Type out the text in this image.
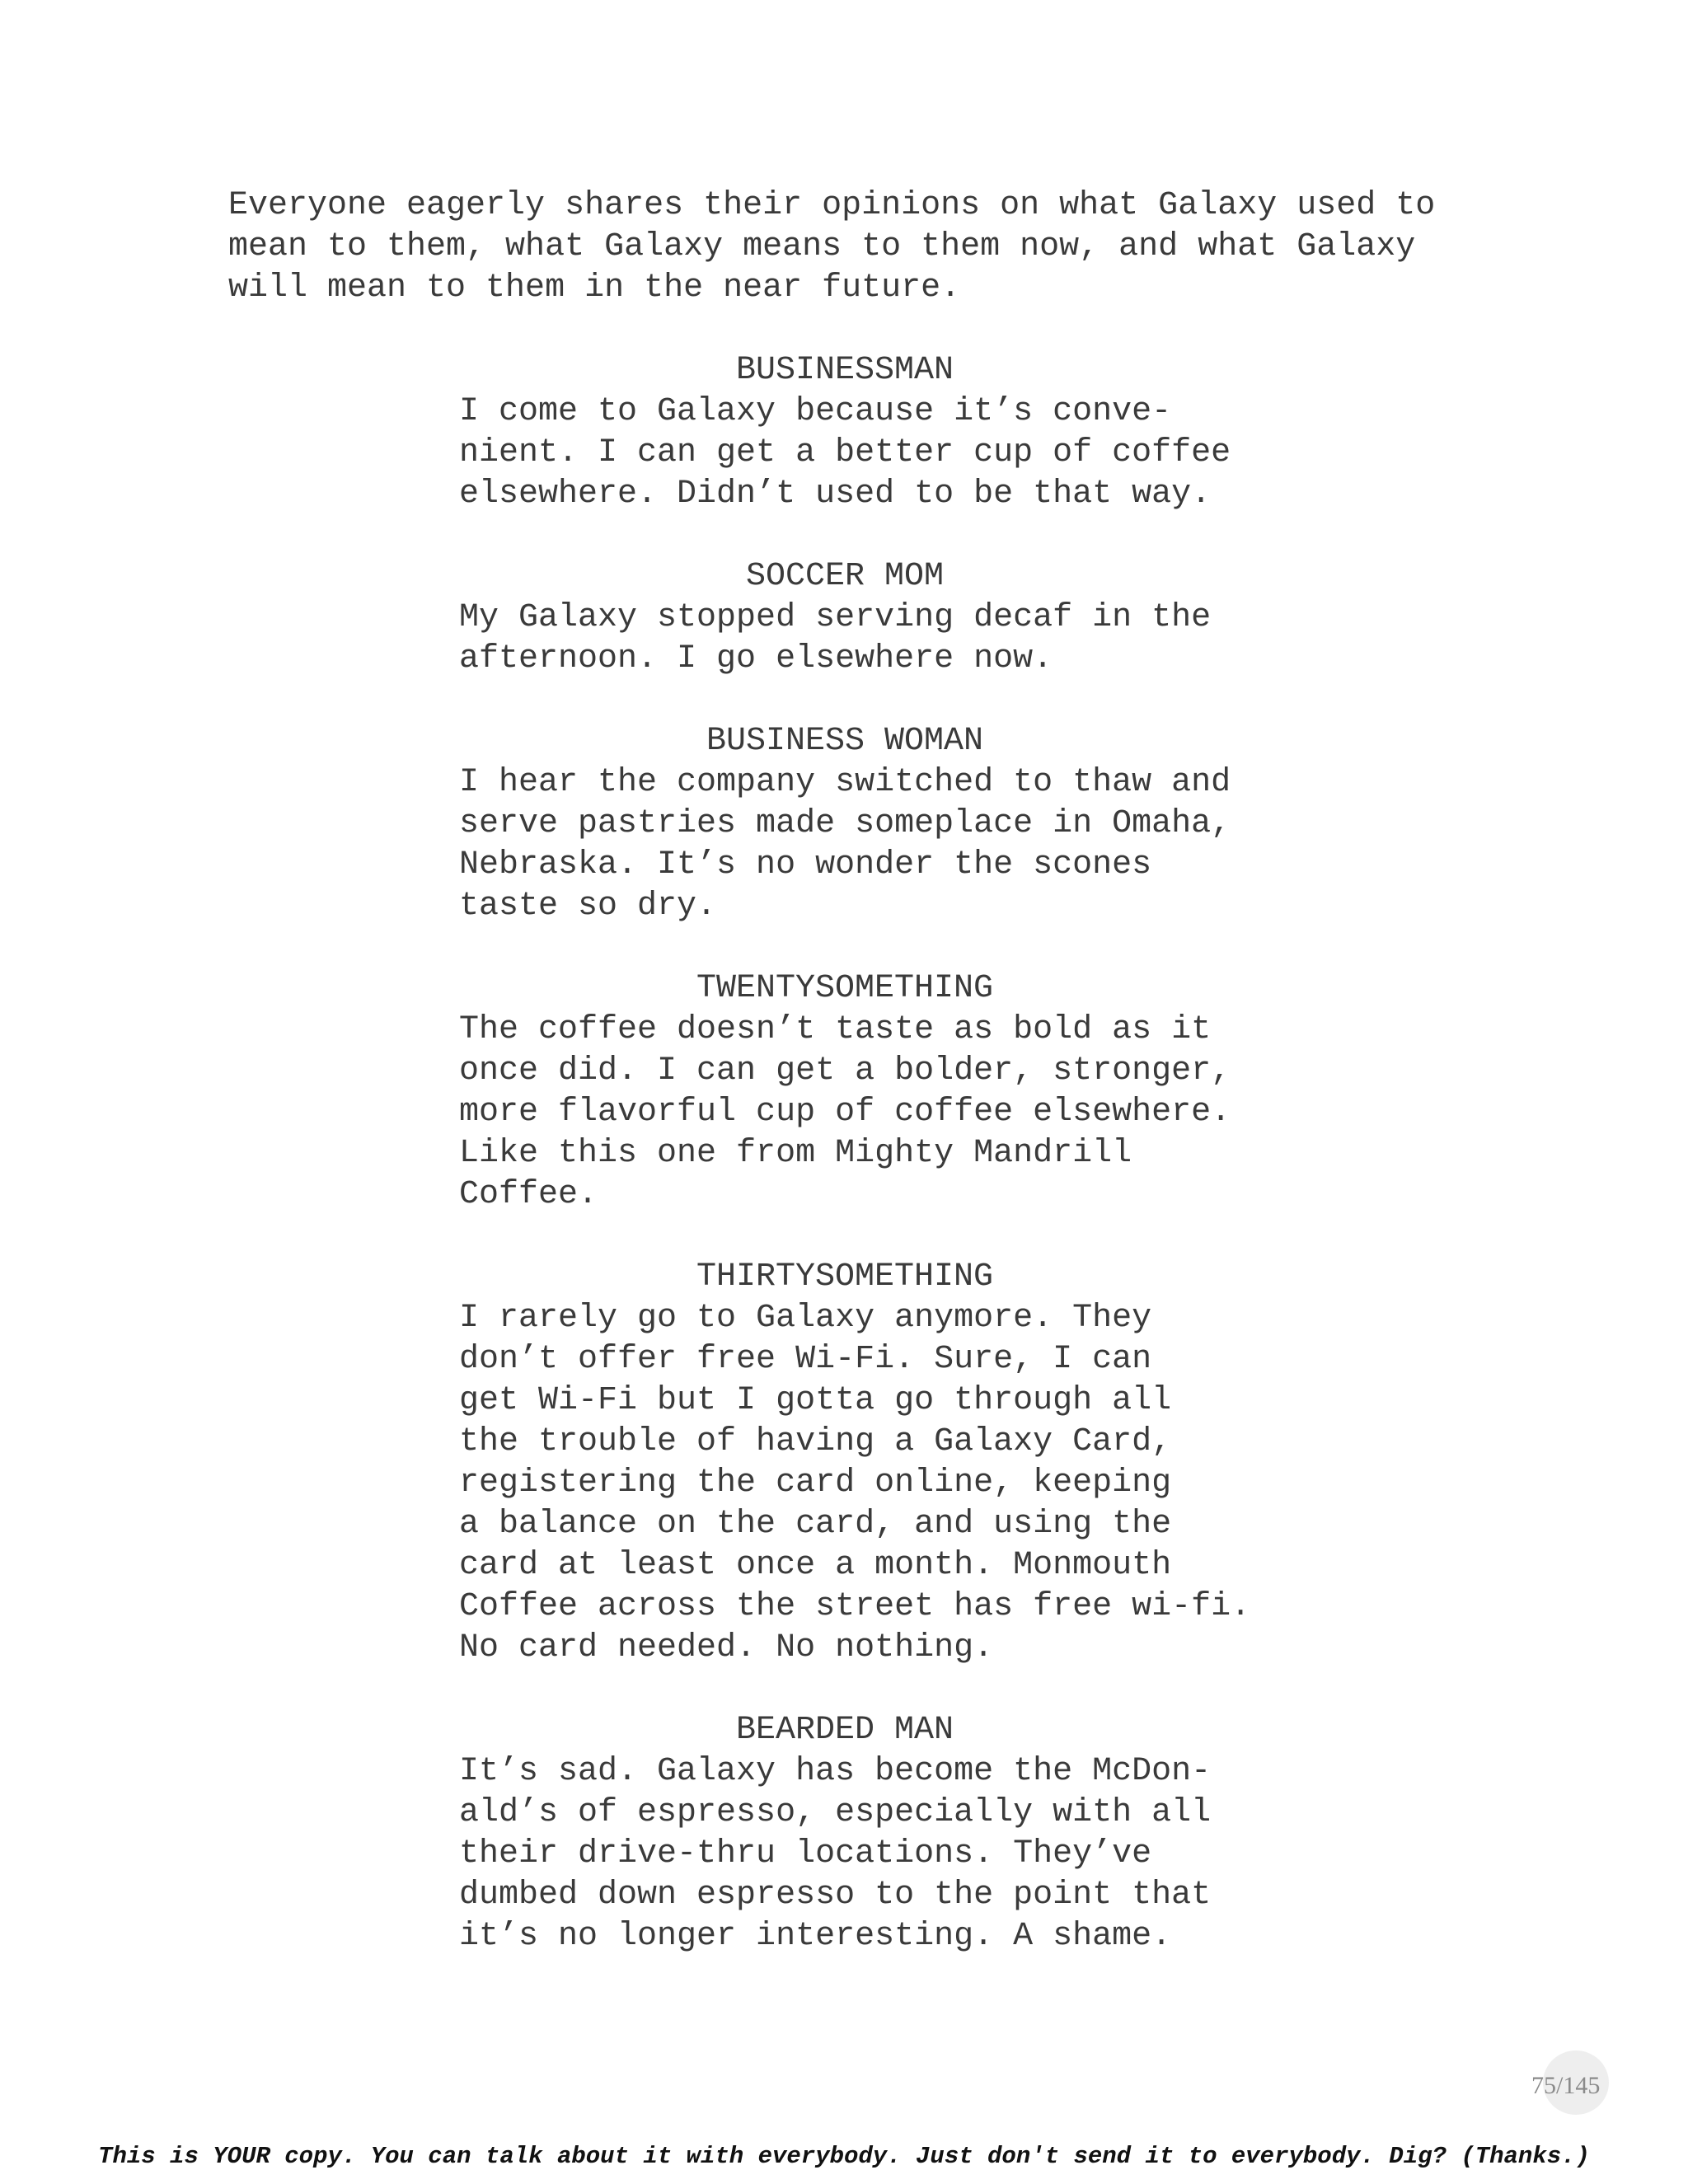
Everyone eagerly shares their opinions on what Galaxy used to
mean to them, what Galaxy means to them now, and what Galaxy
will mean to them in the near future.
BUSINESSMAN
I come to Galaxy because it’s conve-
nient. I can get a better cup of coffee
elsewhere. Didn’t used to be that way.
SOCCER MOM
My Galaxy stopped serving decaf in the
afternoon. I go elsewhere now.
BUSINESS WOMAN
I hear the company switched to thaw and
serve pastries made someplace in Omaha,
Nebraska. It’s no wonder the scones
taste so dry.
TWENTYSOMETHING
The coffee doesn’t taste as bold as it
once did. I can get a bolder, stronger,
more flavorful cup of coffee elsewhere.
Like this one from Mighty Mandrill
Coffee.
THIRTYSOMETHING
I rarely go to Galaxy anymore. They
don’t offer free Wi-Fi. Sure, I can
get Wi-Fi but I gotta go through all
the trouble of having a Galaxy Card,
registering the card online, keeping
a balance on the card, and using the
card at least once a month. Monmouth
Coffee across the street has free wi-fi.
No card needed. No nothing.
BEARDED MAN
It’s sad. Galaxy has become the McDon-
ald’s of espresso, especially with all
their drive-thru locations. They’ve
dumbed down espresso to the point that
it’s no longer interesting. A shame.
75/145
This is YOUR copy. You can talk about it with everybody. Just don't send it to everybody. Dig? (Thanks.)
